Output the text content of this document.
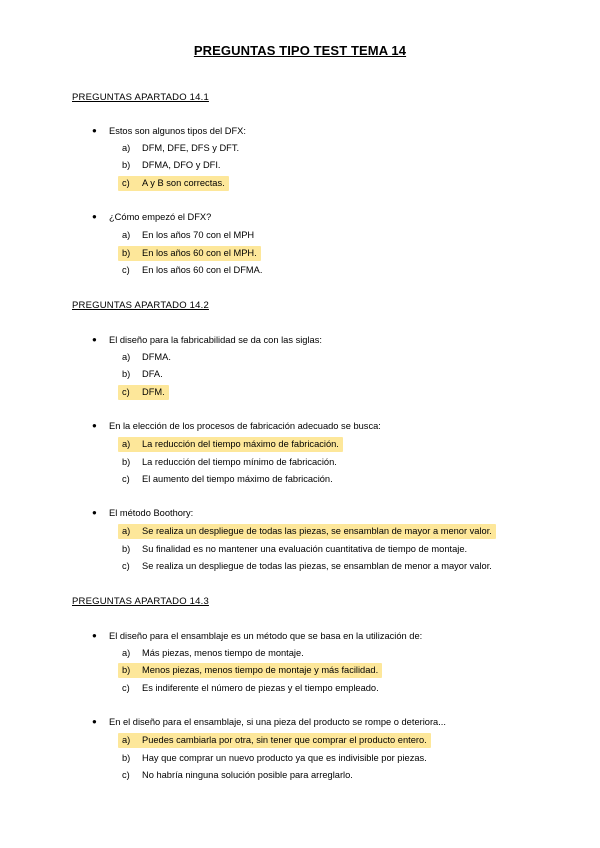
PREGUNTAS TIPO TEST TEMA 14
PREGUNTAS APARTADO 14.1
● Estos son algunos tipos del DFX:
a) DFM, DFE, DFS y DFT.
b) DFMA, DFO y DFI.
c) A y B son correctas.
● ¿Cómo empezó el DFX?
a) En los años 70 con el MPH
b) En los años 60 con el MPH.
c) En los años 60 con el DFMA.
PREGUNTAS APARTADO 14.2
● El diseño para la fabricabilidad se da con las siglas:
a) DFMA.
b) DFA.
c) DFM.
● En la elección de los procesos de fabricación adecuado se busca:
a) La reducción del tiempo máximo de fabricación.
b) La reducción del tiempo mínimo de fabricación.
c) El aumento del tiempo máximo de fabricación.
● El método Boothory:
a) Se realiza un despliegue de todas las piezas, se ensamblan de mayor a menor valor.
b) Su finalidad es no mantener una evaluación cuantitativa de tiempo de montaje.
c) Se realiza un despliegue de todas las piezas, se ensamblan de menor a mayor valor.
PREGUNTAS APARTADO 14.3
● El diseño para el ensamblaje es un método que se basa en la utilización de:
a) Más piezas, menos tiempo de montaje.
b) Menos piezas, menos tiempo de montaje y más facilidad.
c) Es indiferente el número de piezas y el tiempo empleado.
● En el diseño para el ensamblaje, si una pieza del producto se rompe o deteriora...
a) Puedes cambiarla por otra, sin tener que comprar el producto entero.
b) Hay que comprar un nuevo producto ya que es indivisible por piezas.
c) No habría ninguna solución posible para arreglarlo.
